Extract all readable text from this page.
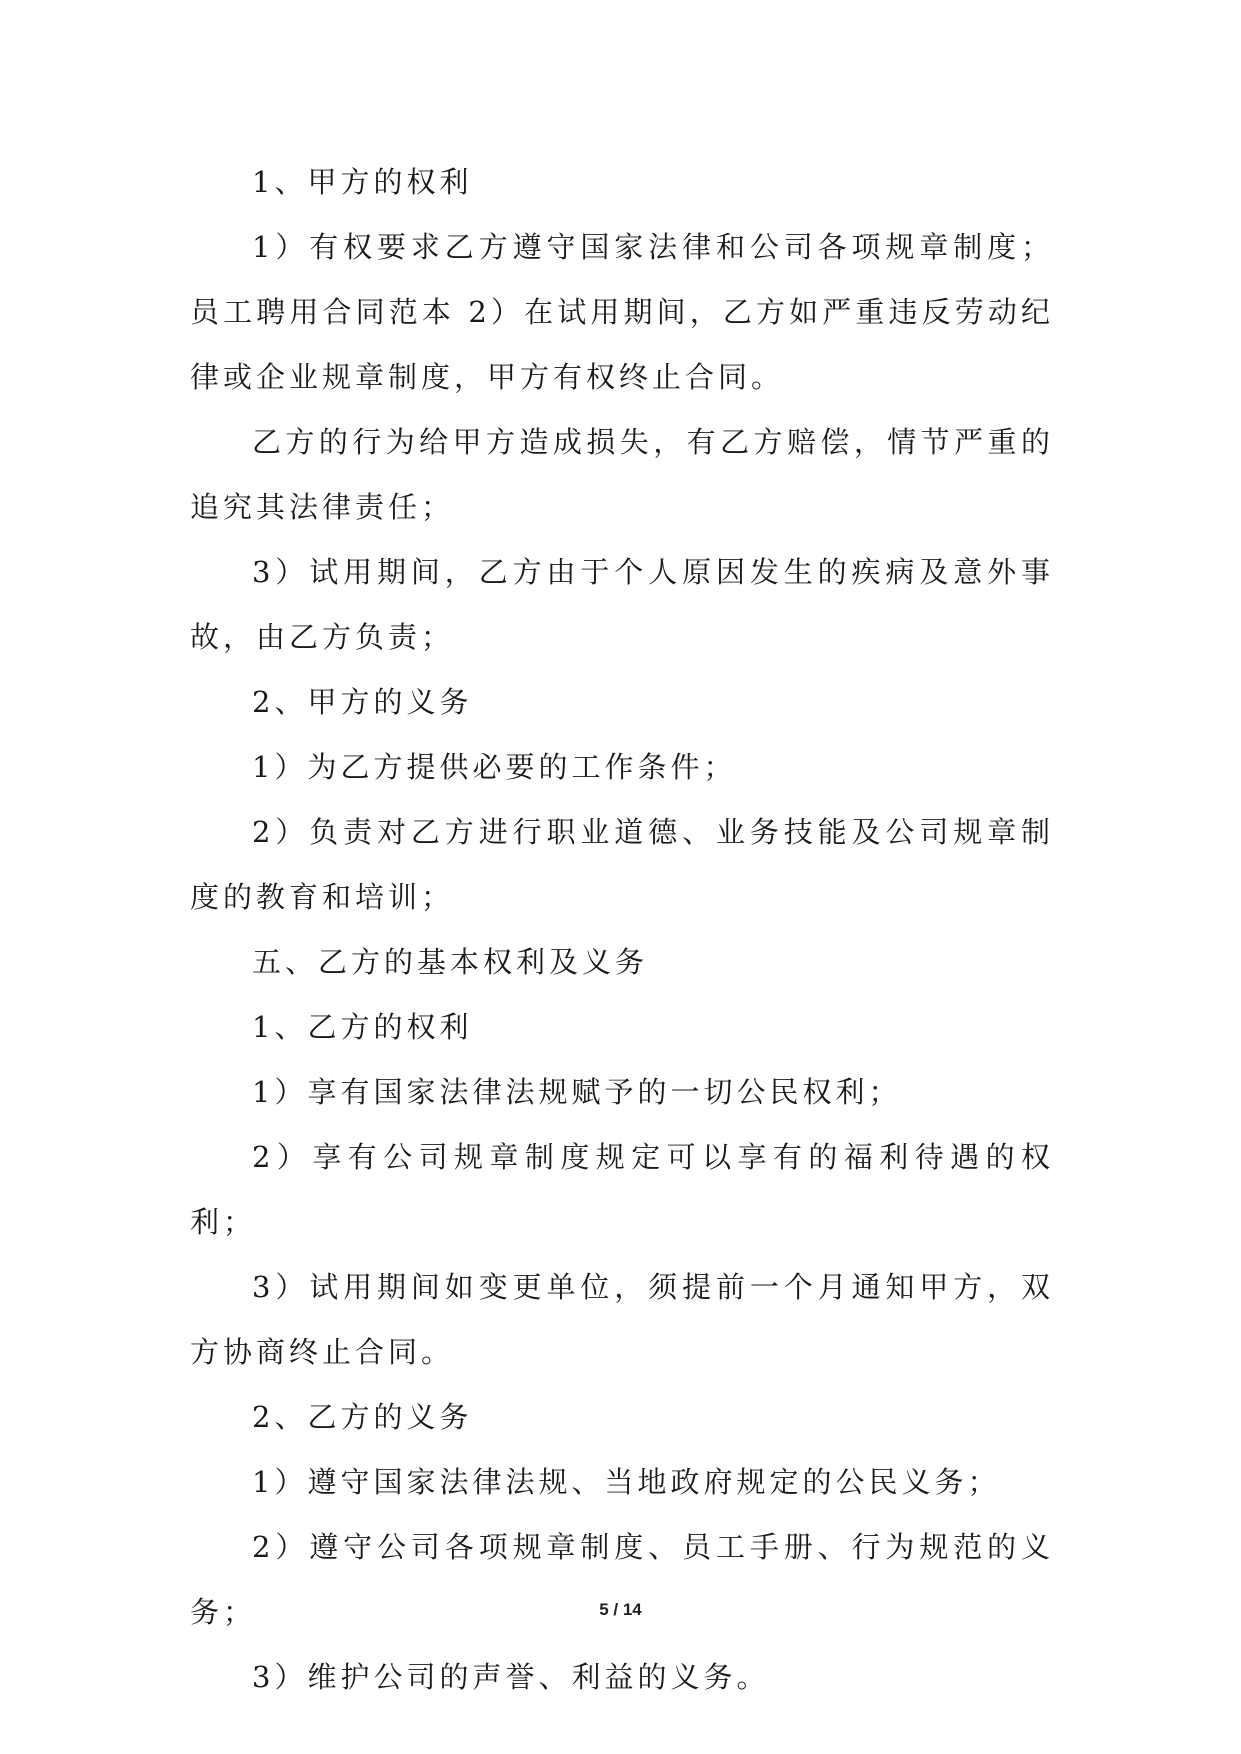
1、甲方的权利

1）有权要求乙方遵守国家法律和公司各项规章制度；员工聘用合同范本 2）在试用期间，乙方如严重违反劳动纪律或企业规章制度，甲方有权终止合同。

乙方的行为给甲方造成损失，有乙方赔偿，情节严重的追究其法律责任；

3）试用期间，乙方由于个人原因发生的疾病及意外事故，由乙方负责；

2、甲方的义务

1）为乙方提供必要的工作条件；

2）负责对乙方进行职业道德、业务技能及公司规章制度的教育和培训；

五、乙方的基本权利及义务

1、乙方的权利

1）享有国家法律法规赋予的一切公民权利；

2）享有公司规章制度规定可以享有的福利待遇的权利；

3）试用期间如变更单位，须提前一个月通知甲方，双方协商终止合同。

2、乙方的义务

1）遵守国家法律法规、当地政府规定的公民义务；

2）遵守公司各项规章制度、员工手册、行为规范的义务；

3）维护公司的声誉、利益的义务。

5 / 14
